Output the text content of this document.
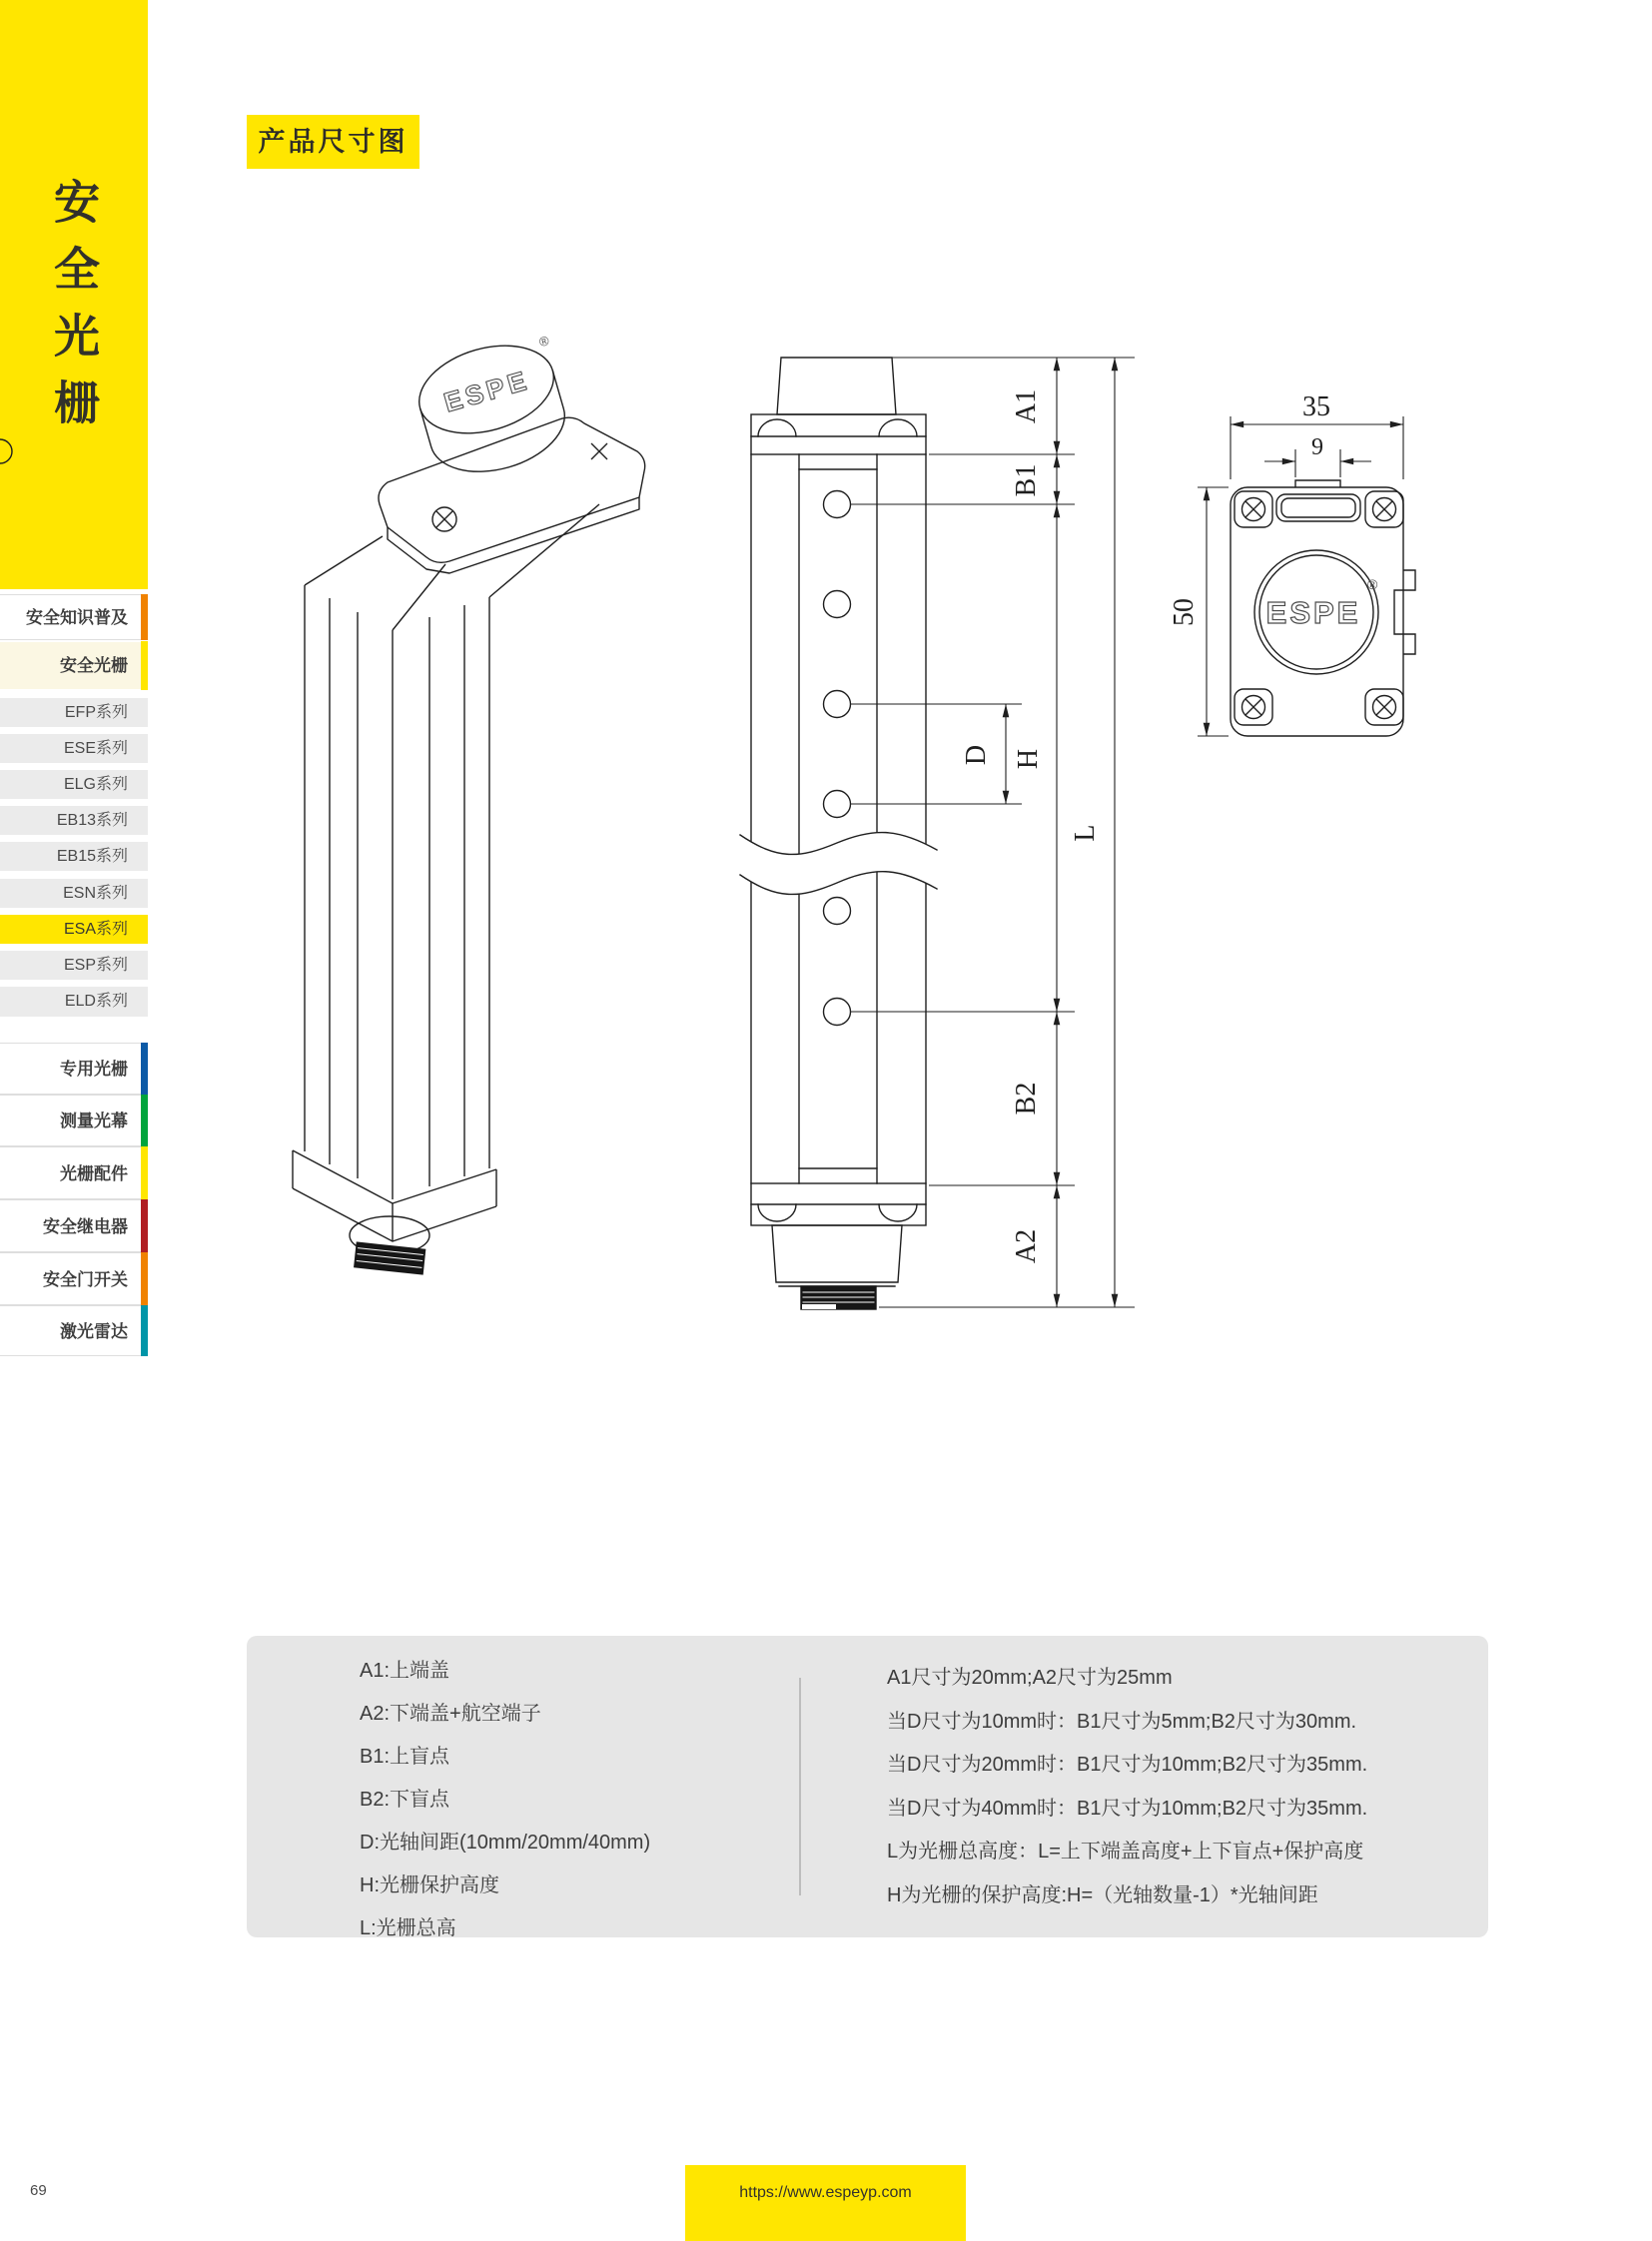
安全光栅
安全知识普及
安全光栅
EFP系列
ESE系列
ELG系列
EB13系列
EB15系列
ESN系列
ESA系列
ESP系列
ELD系列
专用光栅
测量光幕
光栅配件
安全继电器
安全门开关
激光雷达
产品尺寸图
ESPE
®
A1
B1
D H
B2
A2
L
ESPE
®
35
9
50
A1:上端盖
A2:下端盖+航空端子
B1:上盲点
B2:下盲点
D:光轴间距(10mm/20mm/40mm)
H:光栅保护高度
L:光栅总高
A1尺寸为20mm;A2尺寸为25mm
当D尺寸为10mm时：B1尺寸为5mm;B2尺寸为30mm.
当D尺寸为20mm时：B1尺寸为10mm;B2尺寸为35mm.
当D尺寸为40mm时：B1尺寸为10mm;B2尺寸为35mm.
L为光栅总高度：L=上下端盖高度+上下盲点+保护高度
H为光栅的保护高度:H=（光轴数量-1）*光轴间距
69	https://www.espeyp.com
